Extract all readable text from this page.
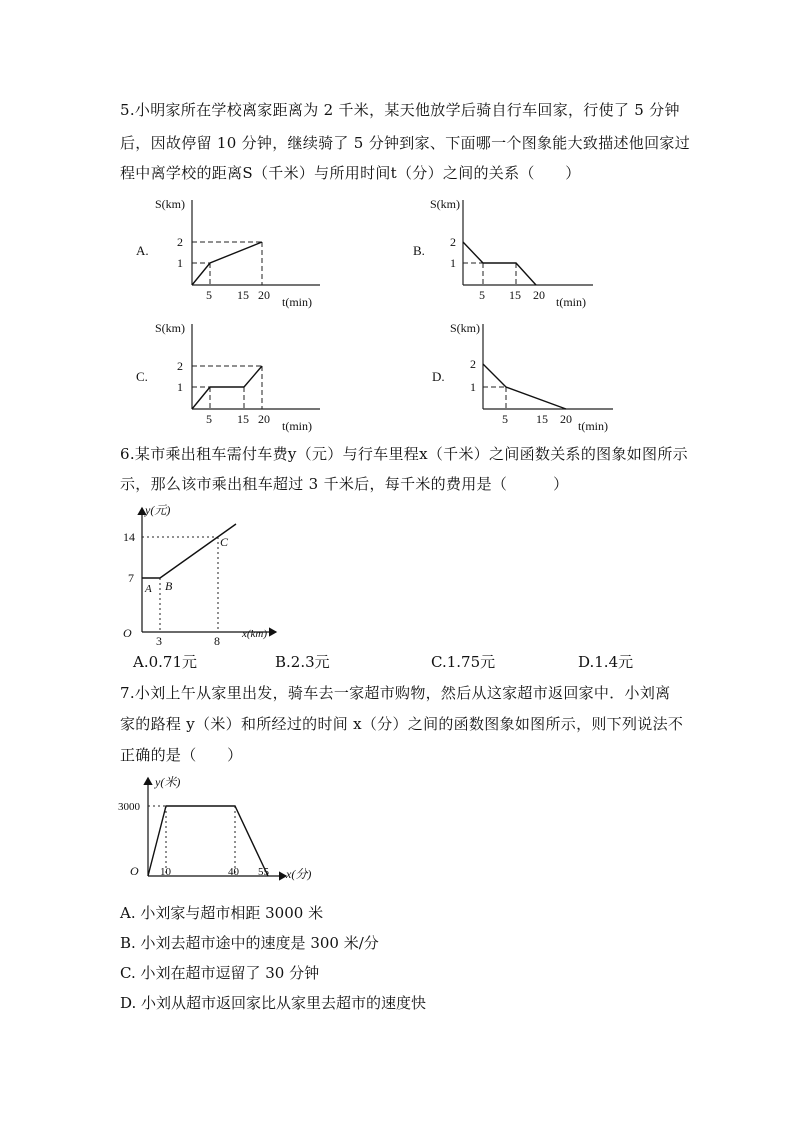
5.小明家所在学校离家距离为 2 千米，某天他放学后骑自行车回家，行使了 5 分钟
后，因故停留 10 分钟，继续骑了 5 分钟到家、下面哪一个图象能大致描述他回家过
程中离学校的距离S（千米）与所用时间t（分）之间的关系（　　）
A.
S(km)
2
1
5 15 20 t(min)
B.
S(km)
2
1
5 15 20 t(min)
C.
S(km)
2
1
5 15 20 t(min)
D.
S(km)
2
1
5 15 20 t(min)
6.某市乘出租车需付车费y（元）与行车里程x（千米）之间函数关系的图象如图所示
示，那么该市乘出租车超过 3 千米后，每千米的费用是（　　　）
y(元)
x(km)
O
14
7
3	8
A B
C
A.0.71元	B.2.3元	C.1.75元	D.1.4元
7.小刘上午从家里出发，骑车去一家超市购物，然后从这家超市返回家中．小刘离
家的路程 y（米）和所经过的时间 x（分）之间的函数图象如图所示，则下列说法不
正确的是（　　）
y(米)
x(分)
O
3000
10	40 55
A. 小刘家与超市相距 3000 米
B. 小刘去超市途中的速度是 300 米/分
C. 小刘在超市逗留了 30 分钟
D. 小刘从超市返回家比从家里去超市的速度快
